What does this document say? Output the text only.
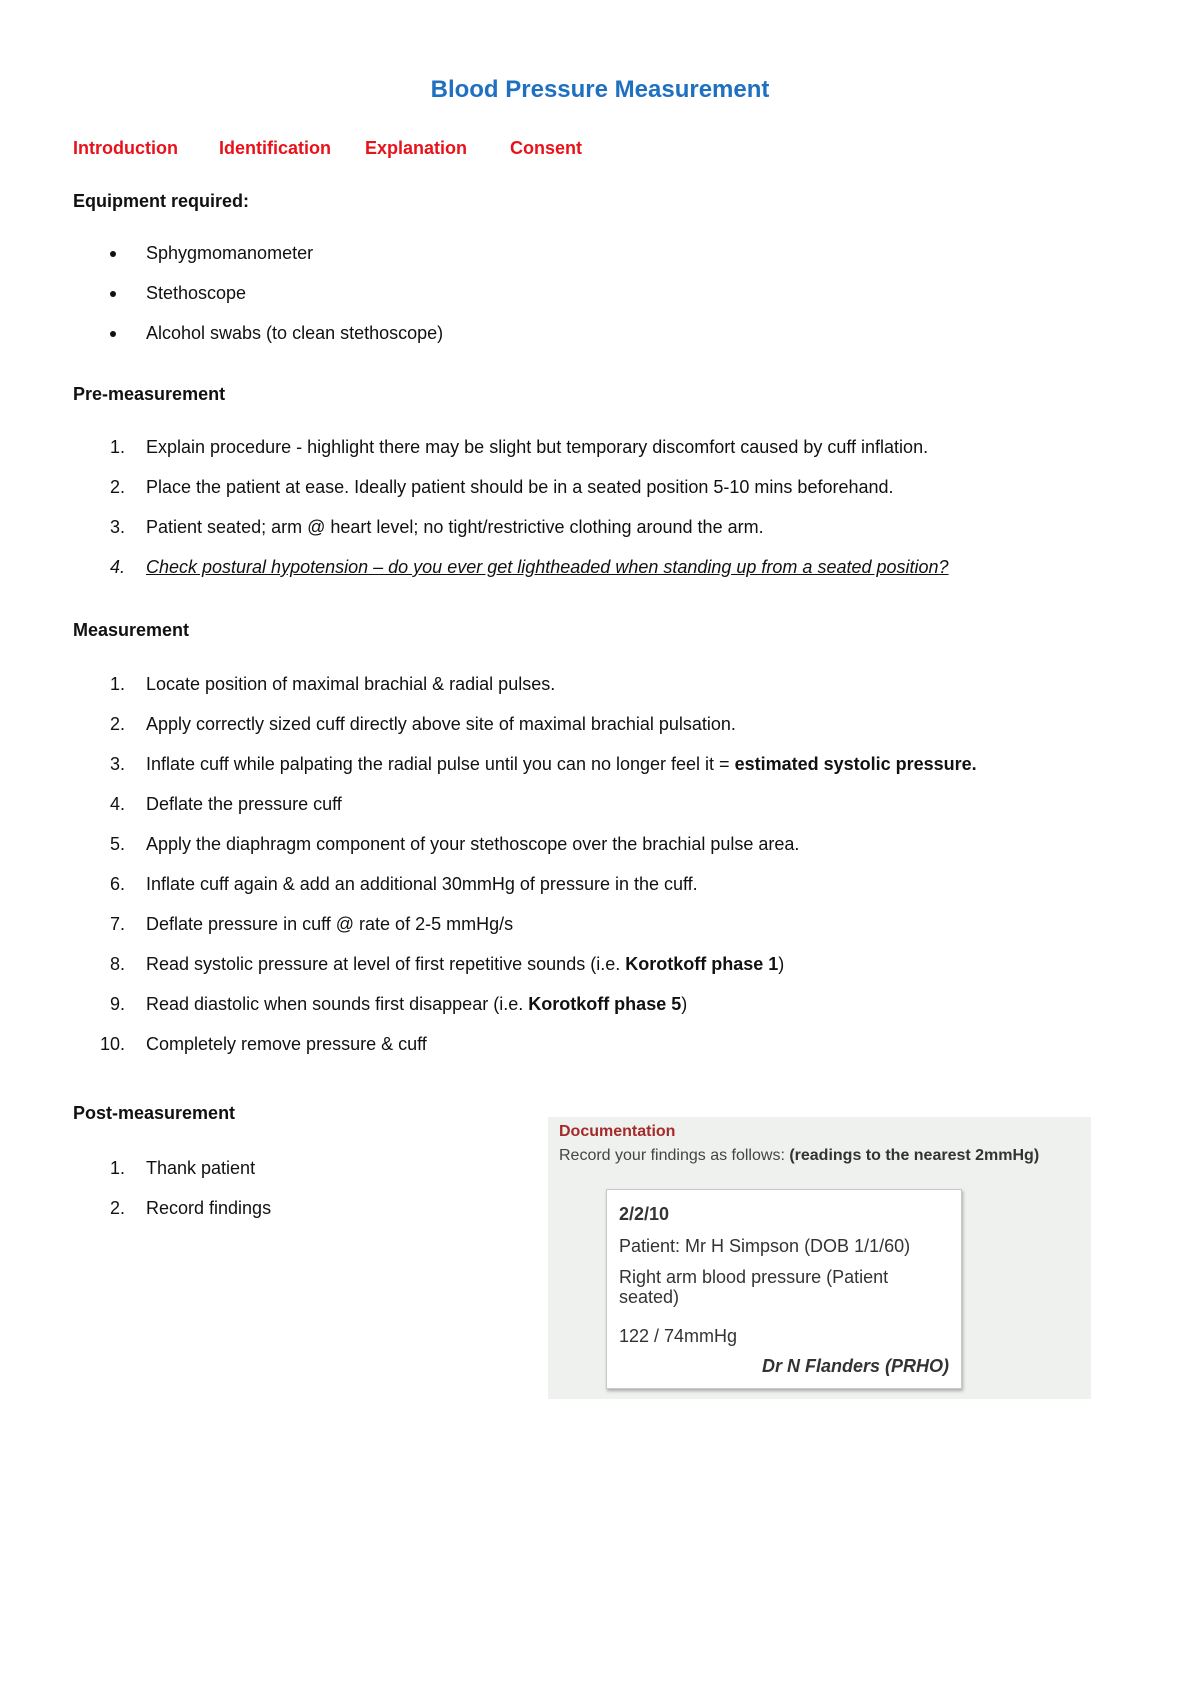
Blood Pressure Measurement
Introduction Identification Explanation Consent
Equipment required:
Sphygmomanometer
Stethoscope
Alcohol swabs (to clean stethoscope)
Pre-measurement
1. Explain procedure - highlight there may be slight but temporary discomfort caused by cuff inflation.
2. Place the patient at ease. Ideally patient should be in a seated position 5-10 mins beforehand.
3. Patient seated; arm @ heart level; no tight/restrictive clothing around the arm.
4. Check postural hypotension – do you ever get lightheaded when standing up from a seated position?
Measurement
1. Locate position of maximal brachial & radial pulses.
2. Apply correctly sized cuff directly above site of maximal brachial pulsation.
3. Inflate cuff while palpating the radial pulse until you can no longer feel it = estimated systolic pressure.
4. Deflate the pressure cuff
5. Apply the diaphragm component of your stethoscope over the brachial pulse area.
6. Inflate cuff again & add an additional 30mmHg of pressure in the cuff.
7. Deflate pressure in cuff @ rate of 2-5 mmHg/s
8. Read systolic pressure at level of first repetitive sounds (i.e. Korotkoff phase 1)
9. Read diastolic when sounds first disappear (i.e. Korotkoff phase 5)
10. Completely remove pressure & cuff
Post-measurement
1. Thank patient
2. Record findings
Documentation
Record your findings as follows: (readings to the nearest 2mmHg)
2/2/10
Patient: Mr H Simpson (DOB 1/1/60)
Right arm blood pressure (Patient seated)
122 / 74mmHg
Dr N Flanders (PRHO)
